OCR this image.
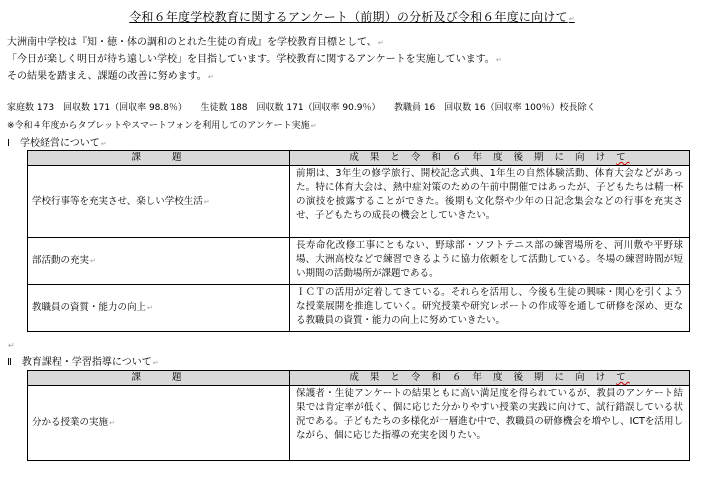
令和６年度学校教育に関するアンケート（前期）の分析及び令和６年度に向けて↵
大洲南中学校は『知・徳・体の調和のとれた生徒の育成』を学校教育目標として、↵
「今日が楽しく明日が待ち遠しい学校」を目指しています。学校教育に関するアンケートを実施しています。↵
その結果を踏まえ、課題の改善に努めます。↵
家庭数 173　回収数 171（回収率 98.8％）　　生徒数 188　回収数 171（回収率 90.9％）　　教職員 16　回収数 16（回収率 100％）校長除く
※令和４年度からタブレットやスマートフォンを利用してのアンケート実施↵
Ⅰ　学校経営について↵
課　　題	成 果 と 令 和 ６ 年 度 後 期 に 向 け て
学校行事等を充実させ、楽しい学校生活↵	前期は、3年生の修学旅行、開校記念式典、1年生の自然体験活動、体育大会などがあった。特に体育大会は、熱中症対策のための午前中開催ではあったが、子どもたちは精一杯の演技を披露することができた。後期も文化祭や少年の日記念集会などの行事を充実させ、子どもたちの成長の機会としていきたい。
部活動の充実↵	長寿命化改修工事にともない、野球部・ソフトテニス部の練習場所を、河川敷や平野球場、大洲高校などで練習できるように協力依頼をして活動している。冬場の練習時間が短い期間の活動場所が課題である。
教職員の資質・能力の向上↵	ＩＣＴの活用が定着してきている。それらを活用し、今後も生徒の興味・関心を引くような授業展開を推進していく。研究授業や研究レポートの作成等を通して研修を深め、更なる教職員の資質・能力の向上に努めていきたい。
↵
Ⅱ　教育課程・学習指導について↵
課　　題	成 果 と 令 和 ６ 年 度 後 期 に 向 け て
分かる授業の実施↵	保護者・生徒アンケートの結果ともに高い満足度を得られているが、教員のアンケート結果では肯定率が低く、個に応じた分かりやすい授業の実践に向けて、試行錯誤している状況である。子どもたちの多様化が一層進む中で、教職員の研修機会を増やし、ICTを活用しながら、個に応じた指導の充実を図りたい。
